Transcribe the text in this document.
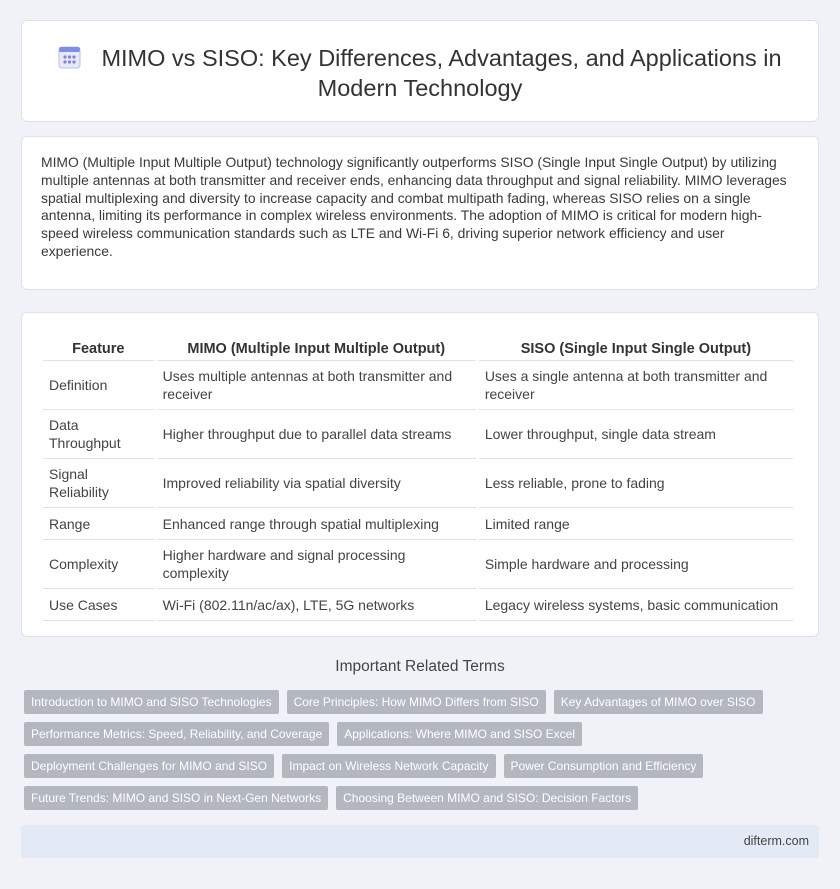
MIMO vs SISO: Key Differences, Advantages, and Applications in Modern Technology

MIMO (Multiple Input Multiple Output) technology significantly outperforms SISO (Single Input Single Output) by utilizing multiple antennas at both transmitter and receiver ends, enhancing data throughput and signal reliability. MIMO leverages spatial multiplexing and diversity to increase capacity and combat multipath fading, whereas SISO relies on a single antenna, limiting its performance in complex wireless environments. The adoption of MIMO is critical for modern high-speed wireless communication standards such as LTE and Wi-Fi 6, driving superior network efficiency and user experience.

Feature	MIMO (Multiple Input Multiple Output)	SISO (Single Input Single Output)
Definition	Uses multiple antennas at both transmitter and receiver	Uses a single antenna at both transmitter and receiver
Data Throughput	Higher throughput due to parallel data streams	Lower throughput, single data stream
Signal Reliability	Improved reliability via spatial diversity	Less reliable, prone to fading
Range	Enhanced range through spatial multiplexing	Limited range
Complexity	Higher hardware and signal processing complexity	Simple hardware and processing
Use Cases	Wi-Fi (802.11n/ac/ax), LTE, 5G networks	Legacy wireless systems, basic communication
Important Related Terms
Introduction to MIMO and SISO Technologies	Core Principles: How MIMO Differs from SISO	Key Advantages of MIMO over SISO
Performance Metrics: Speed, Reliability, and Coverage	Applications: Where MIMO and SISO Excel
Deployment Challenges for MIMO and SISO	Impact on Wireless Network Capacity	Power Consumption and Efficiency
Future Trends: MIMO and SISO in Next-Gen Networks	Choosing Between MIMO and SISO: Decision Factors
difterm.com
